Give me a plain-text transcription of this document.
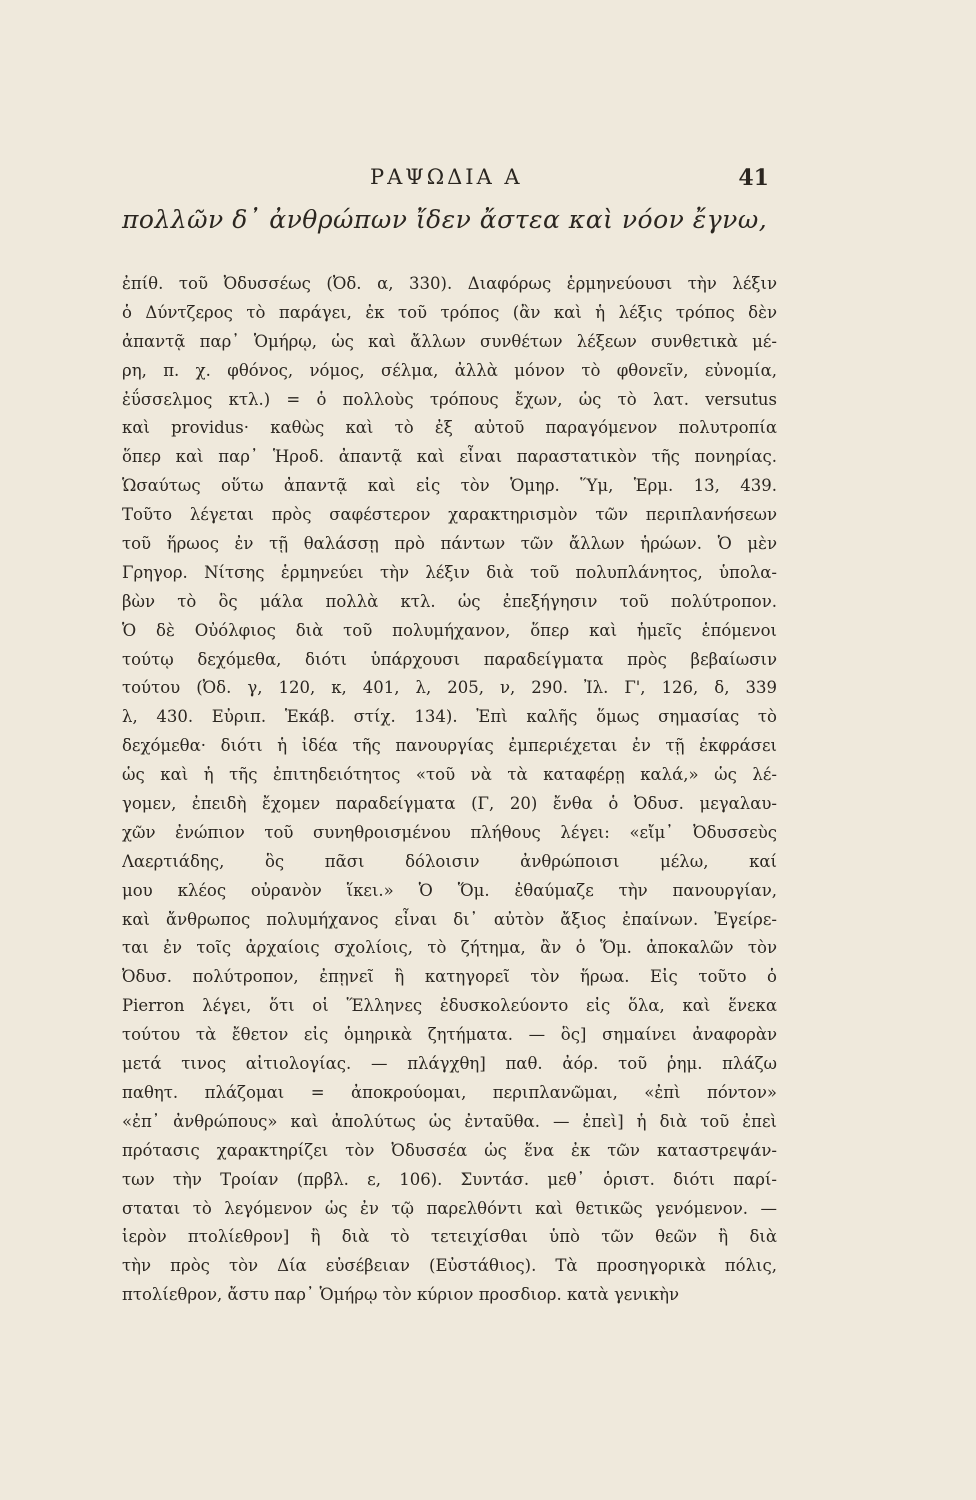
ΡΑΨΩΔΙΑ Α	41
πολλῶν δ᾽ ἀνθρώπων ἴδεν ἄστεα καὶ νόον ἔγνω,
ἐπίθ. τοῦ Ὀδυσσέως (Ὀδ. α, 330). Διαφόρως ἑρμηνεύουσι τὴν λέξιν
ὁ Δύντζερος τὸ παράγει, ἐκ τοῦ τρόπος (ἂν καὶ ἡ λέξις τρόπος δὲν
ἀπαντᾷ παρ᾽ Ὁμήρῳ, ὡς καὶ ἄλλων συνθέτων λέξεων συνθετικὰ μέ-
ρη, π. χ. φθόνος, νόμος, σέλμα, ἀλλὰ μόνον τὸ φθονεῖν, εὐνομία,
ἐΰσσελμος κτλ.) = ὁ πολλοὺς τρόπους ἔχων, ὡς τὸ λατ. versutus
καὶ providus· καθὼς καὶ τὸ ἐξ αὐτοῦ παραγόμενον πολυτροπία
ὅπερ καὶ παρ᾽ Ἡροδ. ἀπαντᾷ καὶ εἶναι παραστατικὸν τῆς πονηρίας.
Ὡσαύτως οὕτω ἀπαντᾷ καὶ εἰς τὸν Ὁμηρ. Ὕμ, Ἑρμ. 13, 439.
Τοῦτο λέγεται πρὸς σαφέστερον χαρακτηρισμὸν τῶν περιπλανήσεων
τοῦ ἥρωος ἐν τῇ θαλάσσῃ πρὸ πάντων τῶν ἄλλων ἡρώων. Ὁ μὲν
Γρηγορ. Νίτσης ἑρμηνεύει τὴν λέξιν διὰ τοῦ πολυπλάνητος, ὑπολα-
βὼν τὸ ὃς μάλα πολλὰ κτλ. ὡς ἐπεξήγησιν τοῦ πολύτροπον.
Ὁ δὲ Οὐόλφιος διὰ τοῦ πολυμήχανον, ὅπερ καὶ ἡμεῖς ἑπόμενοι
τούτῳ δεχόμεθα, διότι ὑπάρχουσι παραδείγματα πρὸς βεβαίωσιν
τούτου (Ὀδ. γ, 120, κ, 401, λ, 205, ν, 290. Ἰλ. Γ', 126, δ, 339
λ, 430. Εὐριπ. Ἑκάβ. στίχ. 134). Ἐπὶ καλῆς ὅμως σημασίας τὸ
δεχόμεθα· διότι ἡ ἰδέα τῆς πανουργίας ἐμπεριέχεται ἐν τῇ ἐκφράσει
ὡς καὶ ἡ τῆς ἐπιτηδειότητος «τοῦ νὰ τὰ καταφέρῃ καλά,» ὡς λέ-
γομεν, ἐπειδὴ ἔχομεν παραδείγματα (Γ, 20) ἔνθα ὁ Ὀδυσ. μεγαλαυ-
χῶν ἐνώπιον τοῦ συνηθροισμένου πλήθους λέγει: «εἴμ᾽ Ὀδυσσεὺς
Λαερτιάδης, ὃς πᾶσι δόλοισιν ἀνθρώποισι μέλω, καί
μου κλέος οὐρανὸν ἵκει.» Ὁ Ὅμ. ἐθαύμαζε τὴν πανουργίαν,
καὶ ἄνθρωπος πολυμήχανος εἶναι δι᾽ αὐτὸν ἄξιος ἐπαίνων. Ἐγείρε-
ται ἐν τοῖς ἀρχαίοις σχολίοις, τὸ ζήτημα, ἂν ὁ Ὅμ. ἀποκαλῶν τὸν
Ὀδυσ. πολύτροπον, ἐπῃνεῖ ἢ κατηγορεῖ τὸν ἥρωα. Εἰς τοῦτο ὁ
Pierron λέγει, ὅτι οἱ Ἕλληνες ἐδυσκολεύοντο εἰς ὅλα, καὶ ἕνεκα
τούτου τὰ ἔθετον εἰς ὁμηρικὰ ζητήματα. — ὃς] σημαίνει ἀναφορὰν
μετά τινος αἰτιολογίας. — πλάγχθη] παθ. ἀόρ. τοῦ ῥημ. πλάζω
παθητ. πλάζομαι = ἀποκρούομαι, περιπλανῶμαι, «ἐπὶ πόντον»
«ἐπ᾽ ἀνθρώπους» καὶ ἀπολύτως ὡς ἐνταῦθα. — ἐπεὶ] ἡ διὰ τοῦ ἐπεὶ
πρότασις χαρακτηρίζει τὸν Ὀδυσσέα ὡς ἕνα ἐκ τῶν καταστρεψάν-
των τὴν Τροίαν (πρβλ. ε, 106). Συντάσ. μεθ᾽ ὁριστ. διότι παρί-
σταται τὸ λεγόμενον ὡς ἐν τῷ παρελθόντι καὶ θετικῶς γενόμενον. —
ἱερὸν πτολίεθρον] ἢ διὰ τὸ τετειχίσθαι ὑπὸ τῶν θεῶν ἢ διὰ
τὴν πρὸς τὸν Δία εὐσέβειαν (Εὐστάθιος). Τὰ προσηγορικὰ πόλις,
πτολίεθρον, ἄστυ παρ᾽ Ὁμήρῳ τὸν κύριον προσδιορ. κατὰ γενικὴν
